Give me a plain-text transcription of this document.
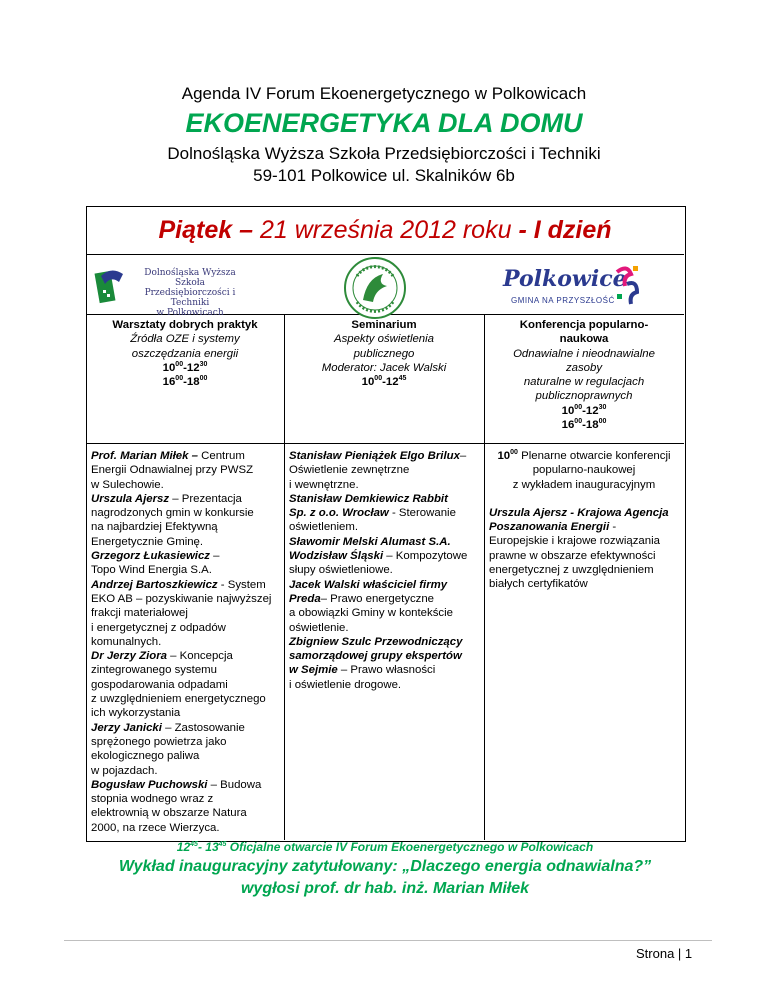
Agenda IV Forum Ekoenergetycznego w Polkowicach
EKOENERGETYKA DLA DOMU
Dolnośląska Wyższa Szkoła Przedsiębiorczości i Techniki
59-101 Polkowice ul. Skalników 6b
Piątek – 21 września 2012 roku - I dzień
Dolnośląska Wyższa Szkoła
Przedsiębiorczości i Techniki
w Polkowicach
Polkowice
GMINA NA PRZYSZŁOŚĆ
Warsztaty dobrych praktyk
Źródła OZE i systemy
oszczędzania energii
$10^{00}-12^{30}$
$16^{00}-18^{00}$
Seminarium
Aspekty oświetlenia
publicznego
Moderator: Jacek Walski
$10^{00}-12^{45}$
Konferencja popularno-
naukowa
Odnawialne i nieodnawialne
zasoby
naturalne w regulacjach
publicznoprawnych
$10^{00}-12^{30}$
$16^{00}-18^{00}$
Prof. Marian Miłek – Centrum
Energii Odnawialnej przy PWSZ
w Sulechowie.
Urszula Ajersz – Prezentacja
nagrodzonych gmin w konkursie
na najbardziej Efektywną
Energetycznie Gminę.
Grzegorz Łukasiewicz –
Topo Wind Energia S.A.
Andrzej Bartoszkiewicz - System
EKO AB – pozyskiwanie najwyższej
frakcji materiałowej
i energetycznej z odpadów
komunalnych.
Dr Jerzy Ziora – Koncepcja
zintegrowanego systemu
gospodarowania odpadami
z uwzględnieniem energetycznego
ich wykorzystania
Jerzy Janicki – Zastosowanie
sprężonego powietrza jako
ekologicznego paliwa
w pojazdach.
Bogusław Puchowski – Budowa
stopnia wodnego wraz z
elektrownią w obszarze Natura
2000, na rzece Wierzyca.
Stanisław Pieniążek Elgo Brilux–
Oświetlenie zewnętrzne
i wewnętrzne.
Stanisław Demkiewicz Rabbit
Sp. z o.o. Wrocław - Sterowanie
oświetleniem.
Sławomir Melski Alumast S.A.
Wodzisław Śląski – Kompozytowe
słupy oświetleniowe.
Jacek Walski właściciel firmy
Preda– Prawo energetyczne
a obowiązki Gminy w kontekście
oświetlenie.
Zbigniew Szulc Przewodniczący
samorządowej grupy ekspertów
w Sejmie – Prawo własności
i oświetlenie drogowe.
$10^{00}$ Plenarne otwarcie konferencji
popularno-naukowej
z wykładem inauguracyjnym
Urszula Ajersz - Krajowa Agencja
Poszanowania Energii -
Europejskie i krajowe rozwiązania
prawne w obszarze efektywności
energetycznej z uwzględnieniem
białych certyfikatów
$12^{45}-$ $13^{45}$ Oficjalne otwarcie IV Forum Ekoenergetycznego w Polkowicach
Wykład inauguracyjny zatytułowany: „Dlaczego energia odnawialna?”
wygłosi prof. dr hab. inż. Marian Miłek
Strona | 1
